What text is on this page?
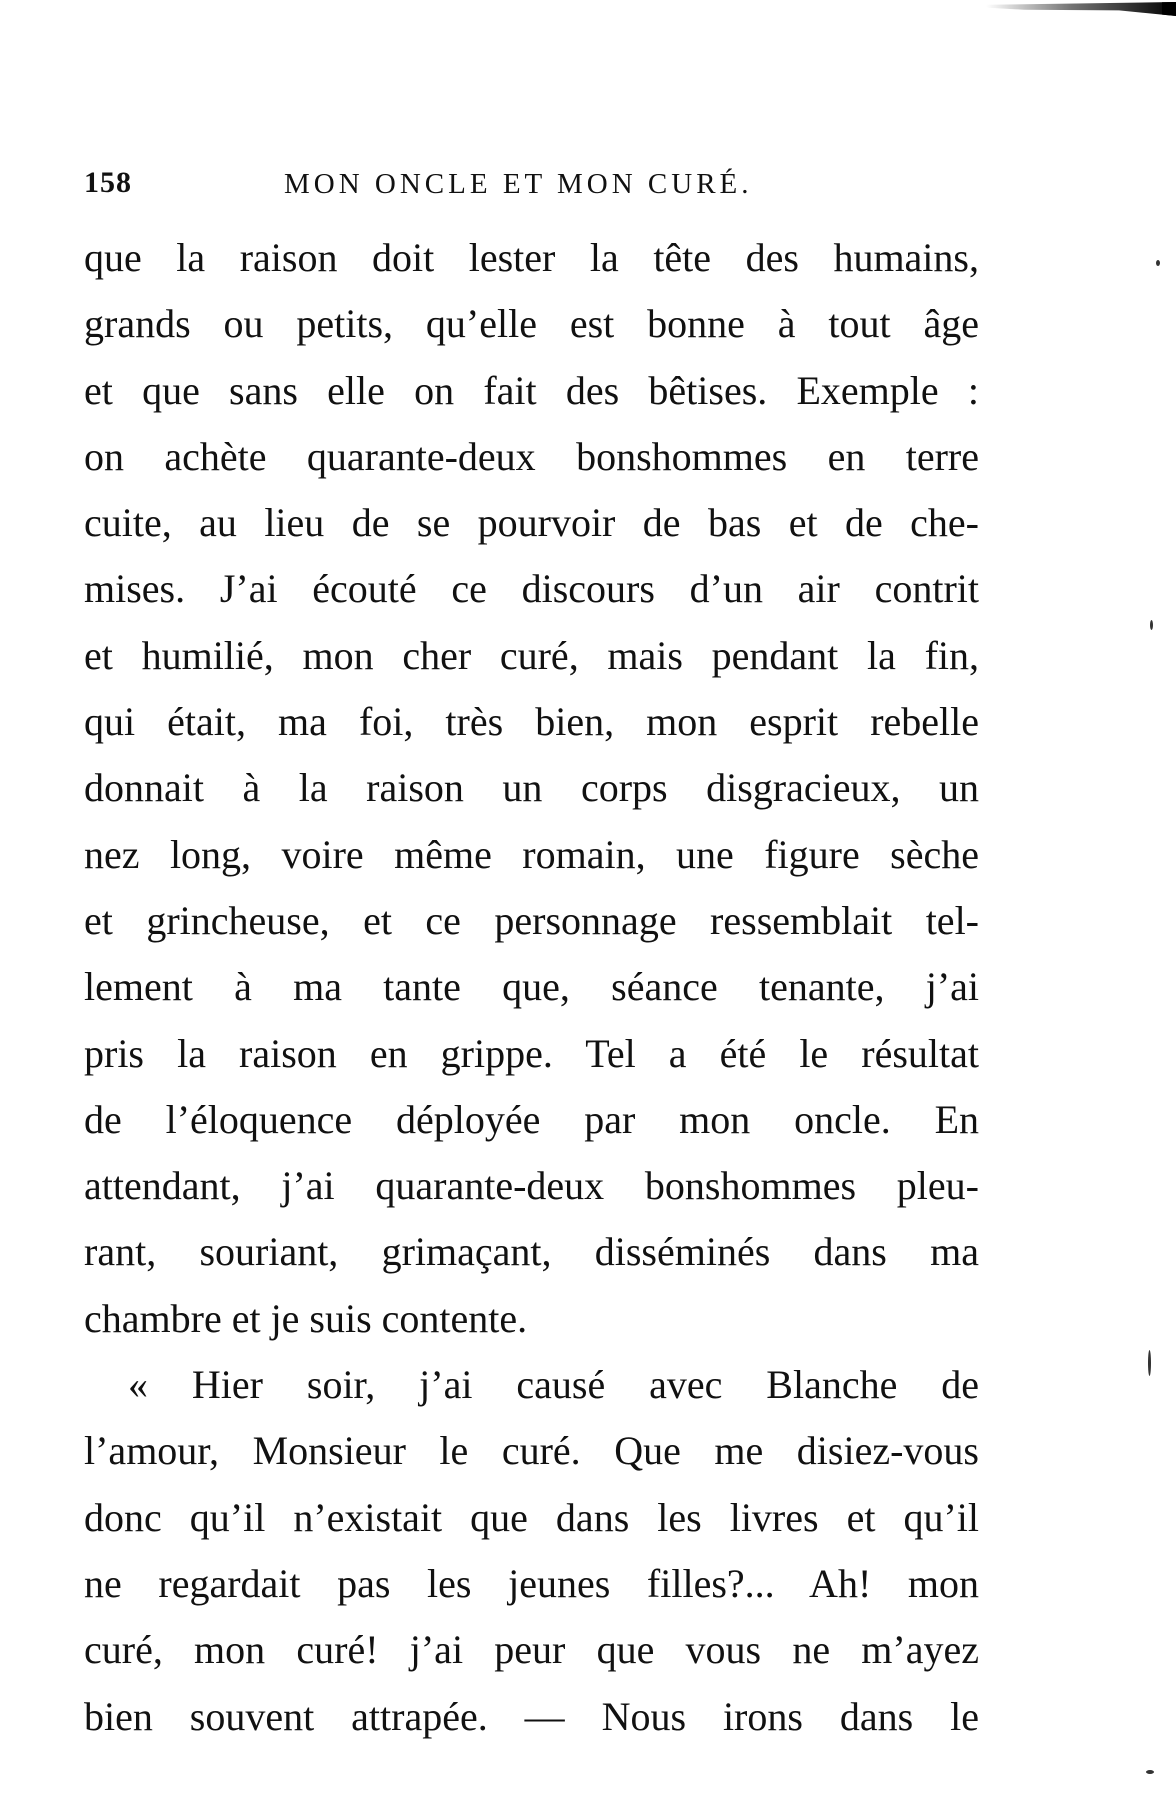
158	MON ONCLE ET MON CURÉ.
que la raison doit lester la tête des humains,
grands ou petits, qu’elle est bonne à tout âge
et que sans elle on fait des bêtises. Exemple :
on achète quarante-deux bonshommes en terre
cuite, au lieu de se pourvoir de bas et de che-
mises. J’ai écouté ce discours d’un air contrit
et humilié, mon cher curé, mais pendant la fin,
qui était, ma foi, très bien, mon esprit rebelle
donnait à la raison un corps disgracieux, un
nez long, voire même romain, une figure sèche
et grincheuse, et ce personnage ressemblait tel-
lement à ma tante que, séance tenante, j’ai
pris la raison en grippe. Tel a été le résultat
de l’éloquence déployée par mon oncle. En
attendant, j’ai quarante-deux bonshommes pleu-
rant, souriant, grimaçant, disséminés dans ma
chambre et je suis contente.
« Hier soir, j’ai causé avec Blanche de
l’amour, Monsieur le curé. Que me disiez-vous
donc qu’il n’existait que dans les livres et qu’il
ne regardait pas les jeunes filles?... Ah! mon
curé, mon curé! j’ai peur que vous ne m’ayez
bien souvent attrapée. — Nous irons dans le
